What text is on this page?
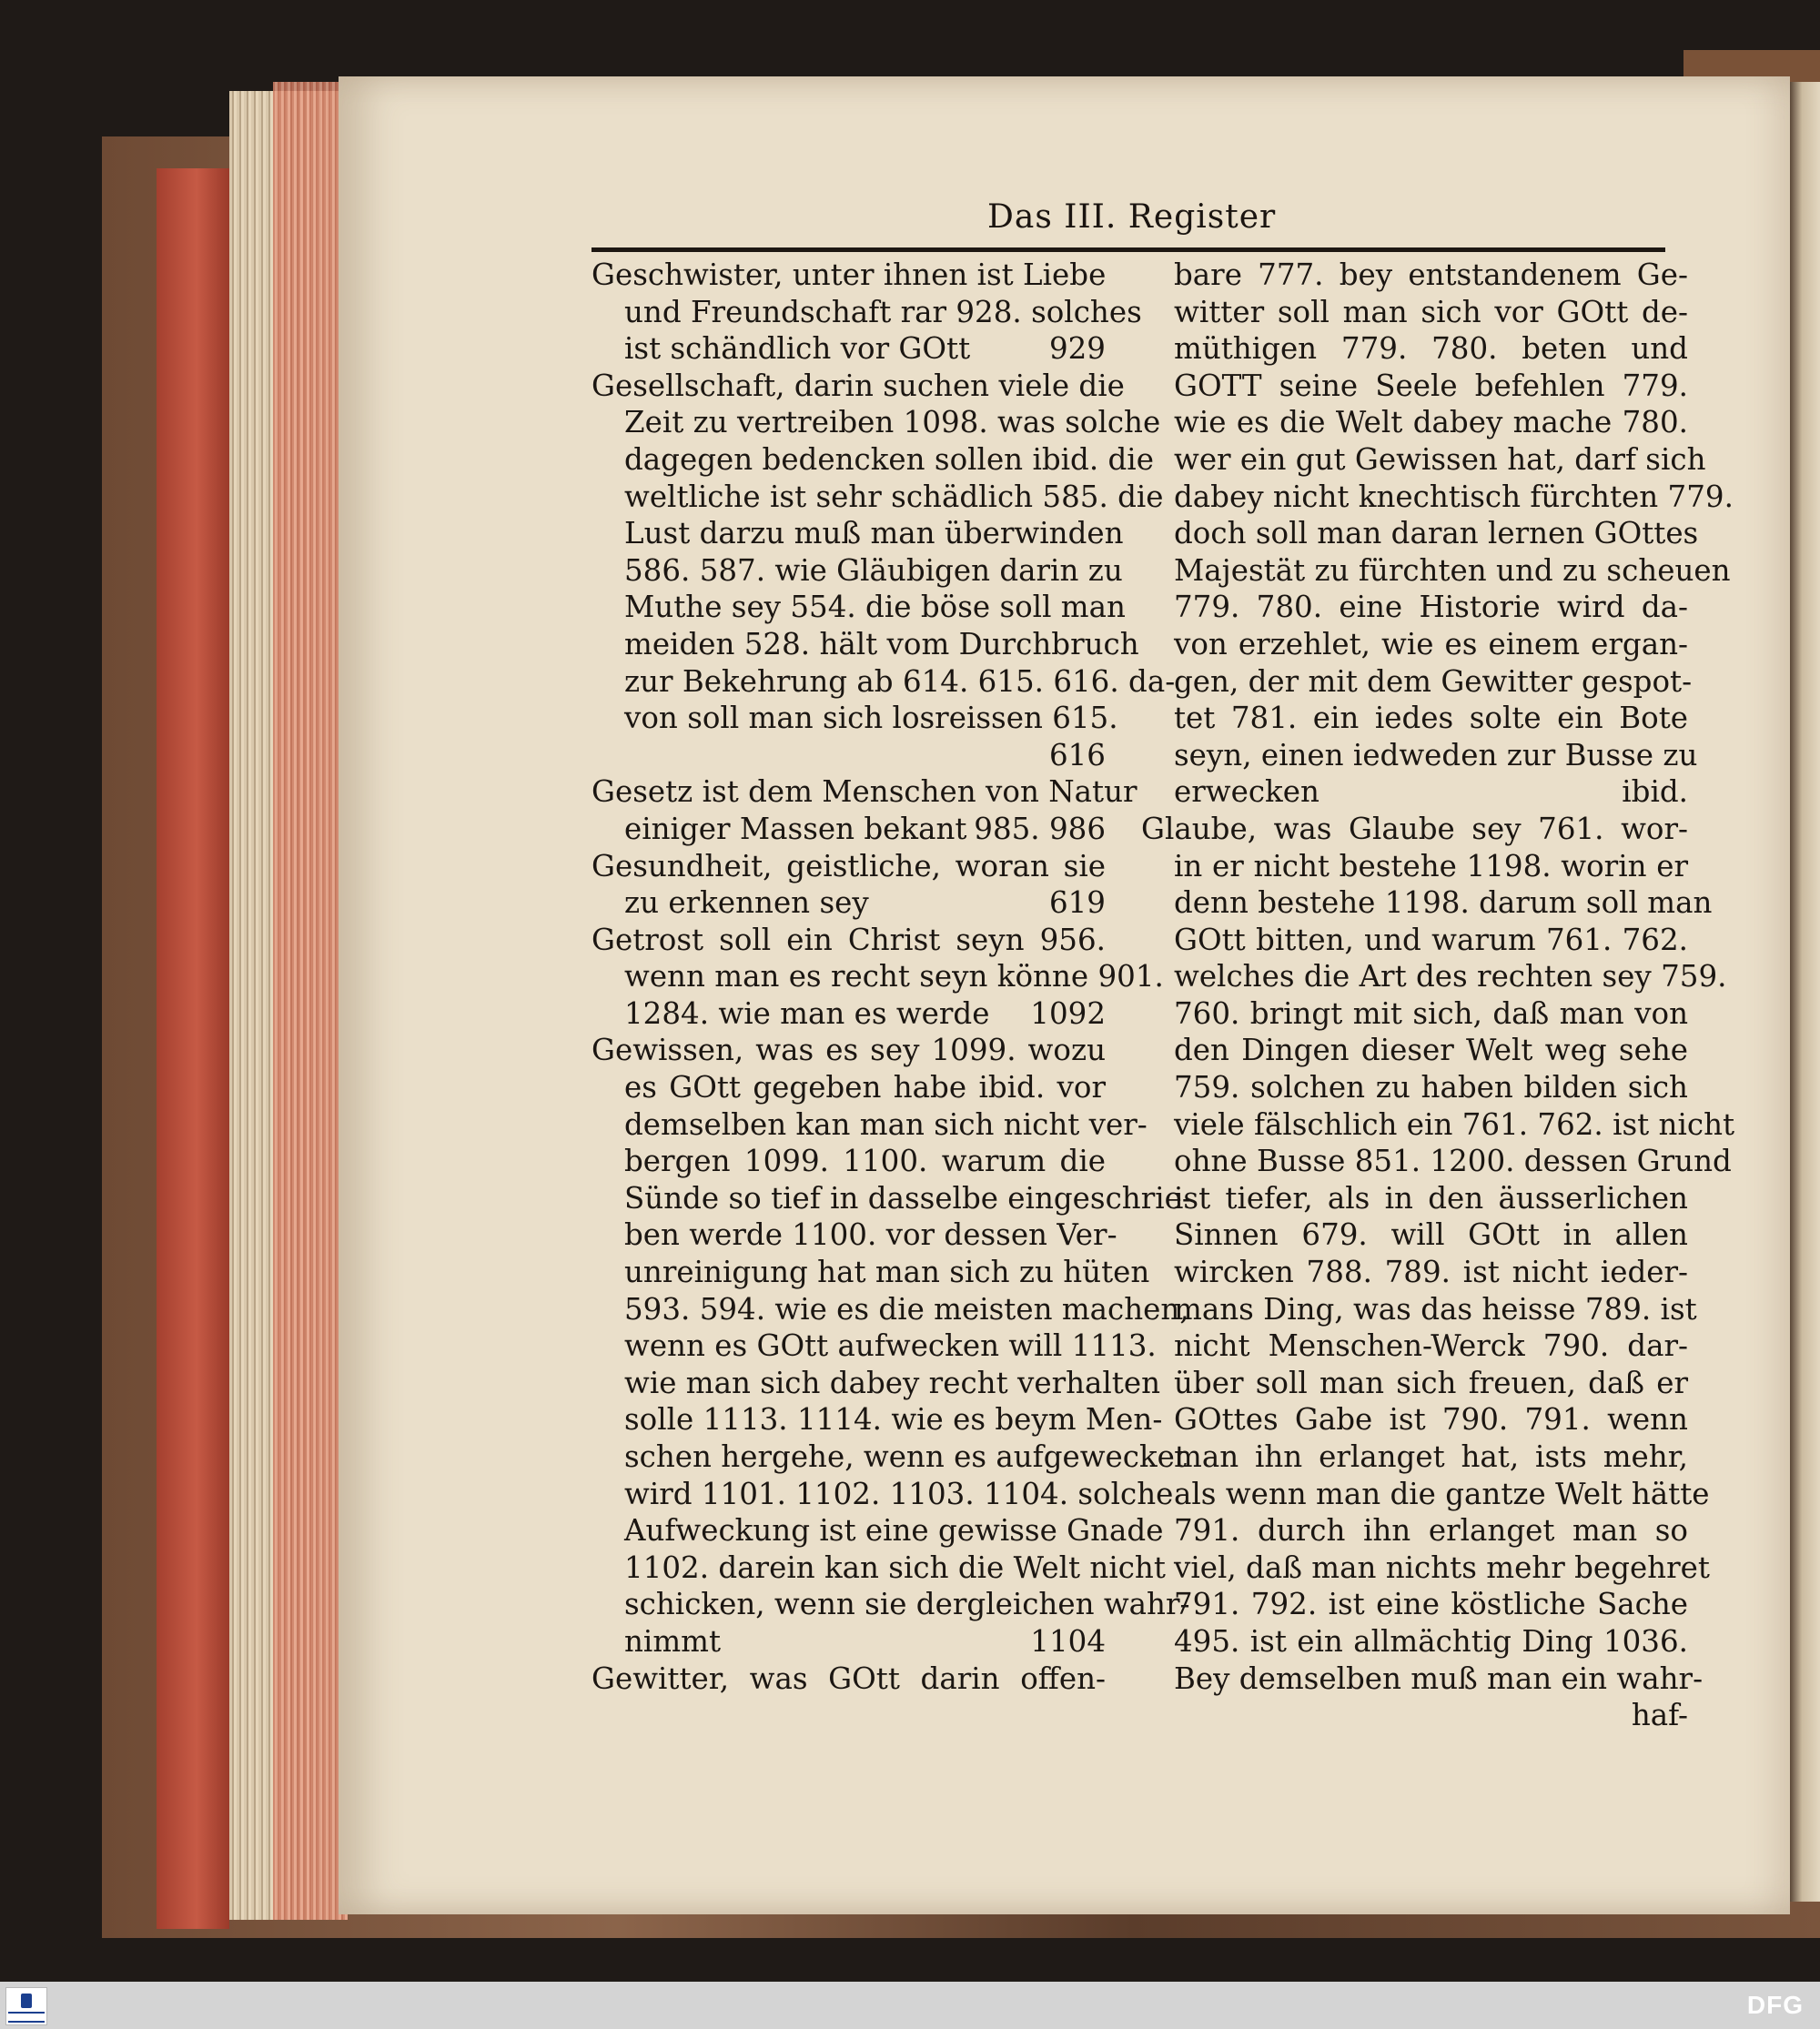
Das III. Register
Geschwister, unter ihnen ist Liebe
und Freundschaft rar 928. solches
ist schändlich vor GOtt	929
Gesellschaft, darin suchen viele die
Zeit zu vertreiben 1098. was solche
dagegen bedencken sollen ibid. die
weltliche ist sehr schädlich 585. die
Lust darzu muß man überwinden
586. 587. wie Gläubigen darin zu
Muthe sey 554. die böse soll man
meiden 528. hält vom Durchbruch
zur Bekehrung ab 614. 615. 616. da-
von soll man sich losreissen 615.
616
Gesetz ist dem Menschen von Natur
einiger Massen bekant 985. 986
Gesundheit, geistliche, woran sie
zu erkennen sey	619
Getrost soll ein Christ seyn 956.
wenn man es recht seyn könne 901.
1284. wie man es werde 1092
Gewissen, was es sey 1099. wozu
es GOtt gegeben habe ibid. vor
demselben kan man sich nicht ver-
bergen 1099. 1100. warum die
Sünde so tief in dasselbe eingeschrie-
ben werde 1100. vor dessen Ver-
unreinigung hat man sich zu hüten
593. 594. wie es die meisten machen,
wenn es GOtt aufwecken will 1113.
wie man sich dabey recht verhalten
solle 1113. 1114. wie es beym Men-
schen hergehe, wenn es aufgewecket
wird 1101. 1102. 1103. 1104. solche
Aufweckung ist eine gewisse Gnade
1102. darein kan sich die Welt nicht
schicken, wenn sie dergleichen wahr-
nimmt	1104
Gewitter, was GOtt darin offen-
bare 777. bey entstandenem Ge-
witter soll man sich vor GOtt de-
müthigen 779. 780. beten und
GOTT seine Seele befehlen 779.
wie es die Welt dabey mache 780.
wer ein gut Gewissen hat, darf sich
dabey nicht knechtisch fürchten 779.
doch soll man daran lernen GOttes
Majestät zu fürchten und zu scheuen
779. 780. eine Historie wird da-
von erzehlet, wie es einem ergan-
gen, der mit dem Gewitter gespot-
tet 781. ein iedes solte ein Bote
seyn, einen iedweden zur Busse zu
erwecken	ibid.
Glaube, was Glaube sey 761. wor-
in er nicht bestehe 1198. worin er
denn bestehe 1198. darum soll man
GOtt bitten, und warum 761. 762.
welches die Art des rechten sey 759.
760. bringt mit sich, daß man von
den Dingen dieser Welt weg sehe
759. solchen zu haben bilden sich
viele fälschlich ein 761. 762. ist nicht
ohne Busse 851. 1200. dessen Grund
ist tiefer, als in den äusserlichen
Sinnen 679. will GOtt in allen
wircken 788. 789. ist nicht ieder-
mans Ding, was das heisse 789. ist
nicht Menschen-Werck 790. dar-
über soll man sich freuen, daß er
GOttes Gabe ist 790. 791. wenn
man ihn erlanget hat, ists mehr,
als wenn man die gantze Welt hätte
791. durch ihn erlanget man so
viel, daß man nichts mehr begehret
791. 792. ist eine köstliche Sache
495. ist ein allmächtig Ding 1036.
Bey demselben muß man ein wahr-
haf-
DFG
